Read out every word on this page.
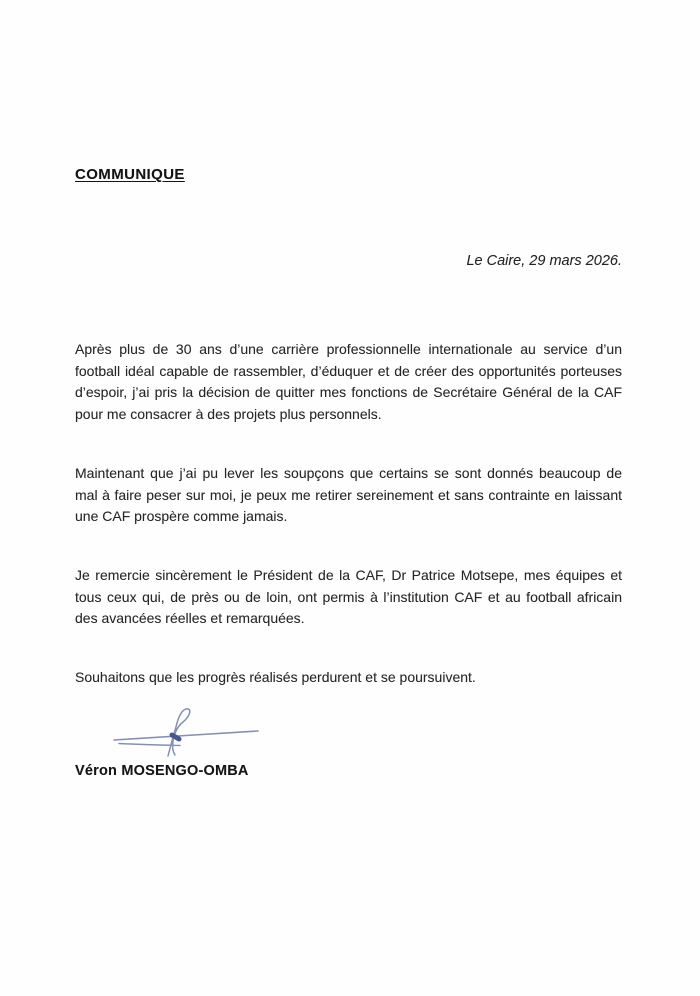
COMMUNIQUE
Le Caire, 29 mars 2026.

Après plus de 30 ans d’une carrière professionnelle internationale au service d’un football idéal capable de rassembler, d’éduquer et de créer des opportunités porteuses d’espoir, j’ai pris la décision de quitter mes fonctions de Secrétaire Général de la CAF pour me consacrer à des projets plus personnels.

Maintenant que j’ai pu lever les soupçons que certains se sont donnés beaucoup de mal à faire peser sur moi, je peux me retirer sereinement et sans contrainte en laissant une CAF prospère comme jamais.

Je remercie sincèrement le Président de la CAF, Dr Patrice Motsepe, mes équipes et tous ceux qui, de près ou de loin, ont permis à l’institution CAF et au football africain des avancées réelles et remarquées.

Souhaitons que les progrès réalisés perdurent et se poursuivent.

Véron MOSENGO-OMBA
